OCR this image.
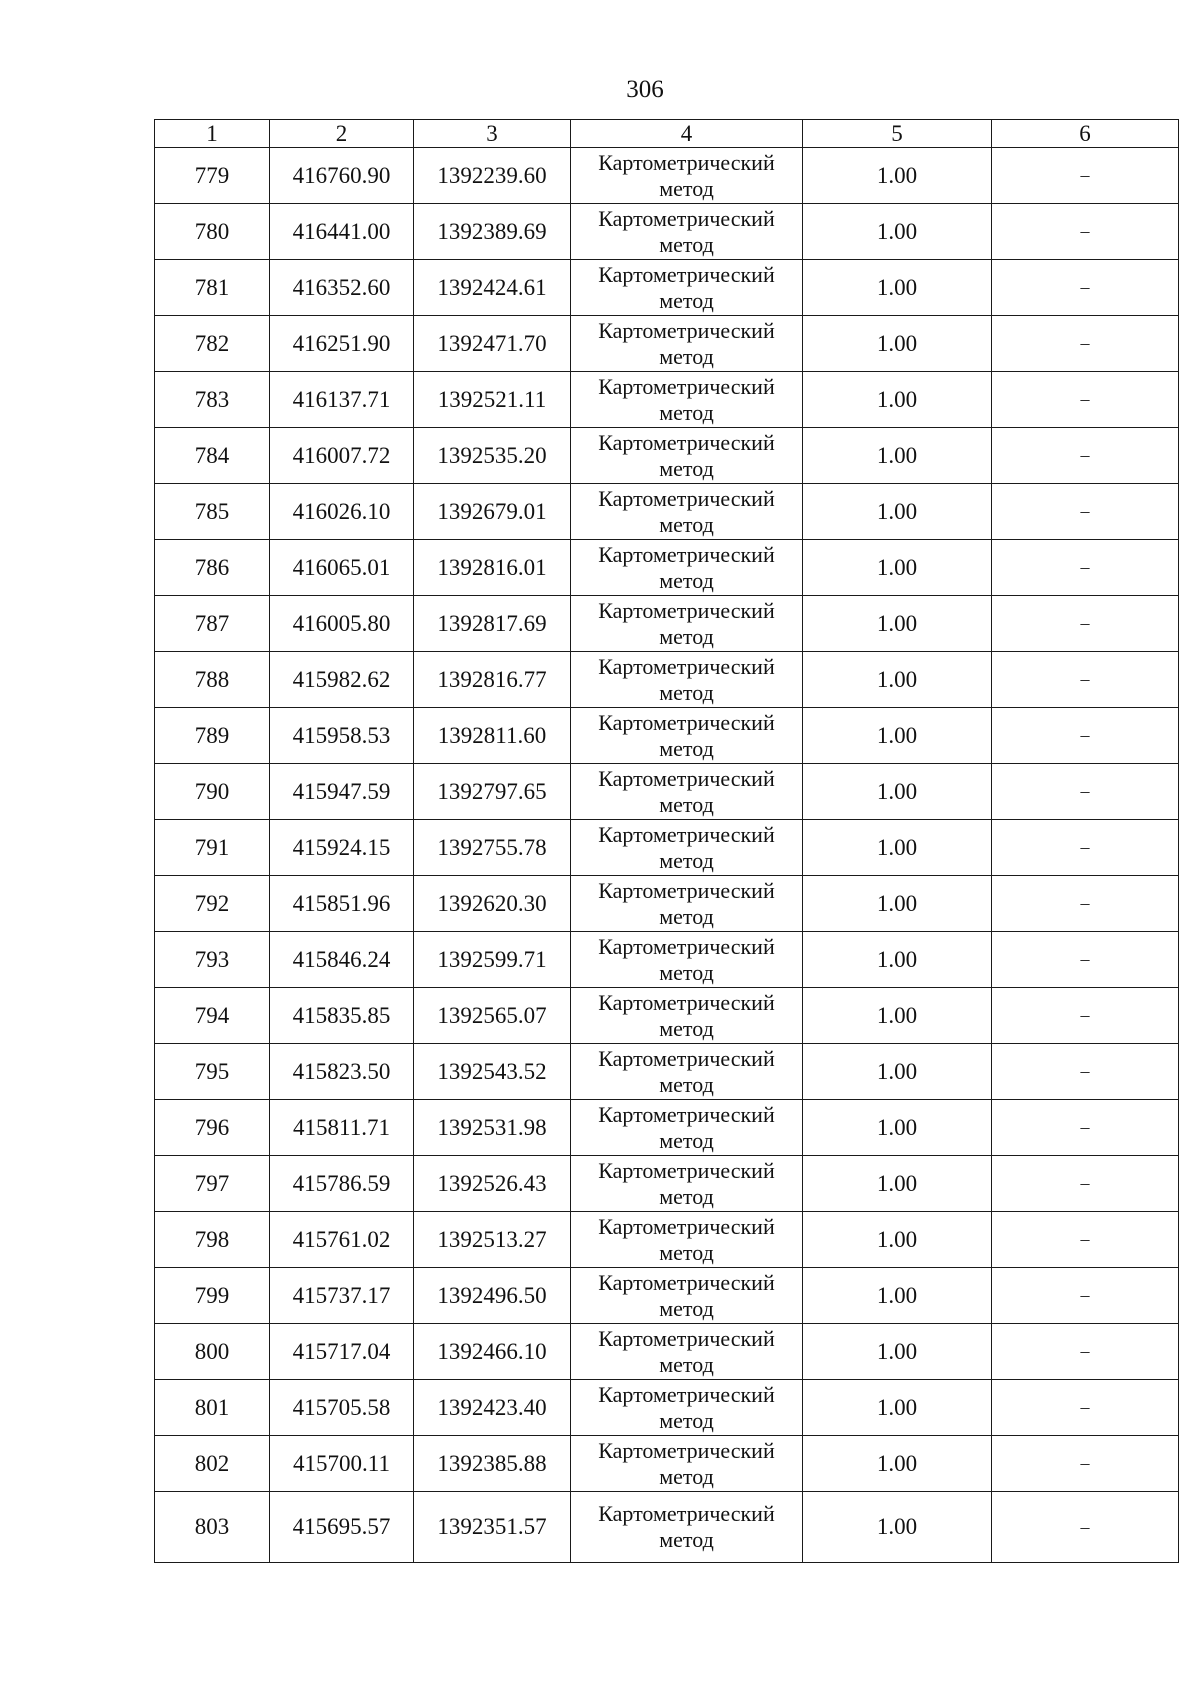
306
1	2	3	4	5	6
779	416760.90	1392239.60	Картометрический метод	1.00	–
780	416441.00	1392389.69	Картометрический метод	1.00	–
781	416352.60	1392424.61	Картометрический метод	1.00	–
782	416251.90	1392471.70	Картометрический метод	1.00	–
783	416137.71	1392521.11	Картометрический метод	1.00	–
784	416007.72	1392535.20	Картометрический метод	1.00	–
785	416026.10	1392679.01	Картометрический метод	1.00	–
786	416065.01	1392816.01	Картометрический метод	1.00	–
787	416005.80	1392817.69	Картометрический метод	1.00	–
788	415982.62	1392816.77	Картометрический метод	1.00	–
789	415958.53	1392811.60	Картометрический метод	1.00	–
790	415947.59	1392797.65	Картометрический метод	1.00	–
791	415924.15	1392755.78	Картометрический метод	1.00	–
792	415851.96	1392620.30	Картометрический метод	1.00	–
793	415846.24	1392599.71	Картометрический метод	1.00	–
794	415835.85	1392565.07	Картометрический метод	1.00	–
795	415823.50	1392543.52	Картометрический метод	1.00	–
796	415811.71	1392531.98	Картометрический метод	1.00	–
797	415786.59	1392526.43	Картометрический метод	1.00	–
798	415761.02	1392513.27	Картометрический метод	1.00	–
799	415737.17	1392496.50	Картометрический метод	1.00	–
800	415717.04	1392466.10	Картометрический метод	1.00	–
801	415705.58	1392423.40	Картометрический метод	1.00	–
802	415700.11	1392385.88	Картометрический метод	1.00	–
803	415695.57	1392351.57	Картометрический метод	1.00	–
